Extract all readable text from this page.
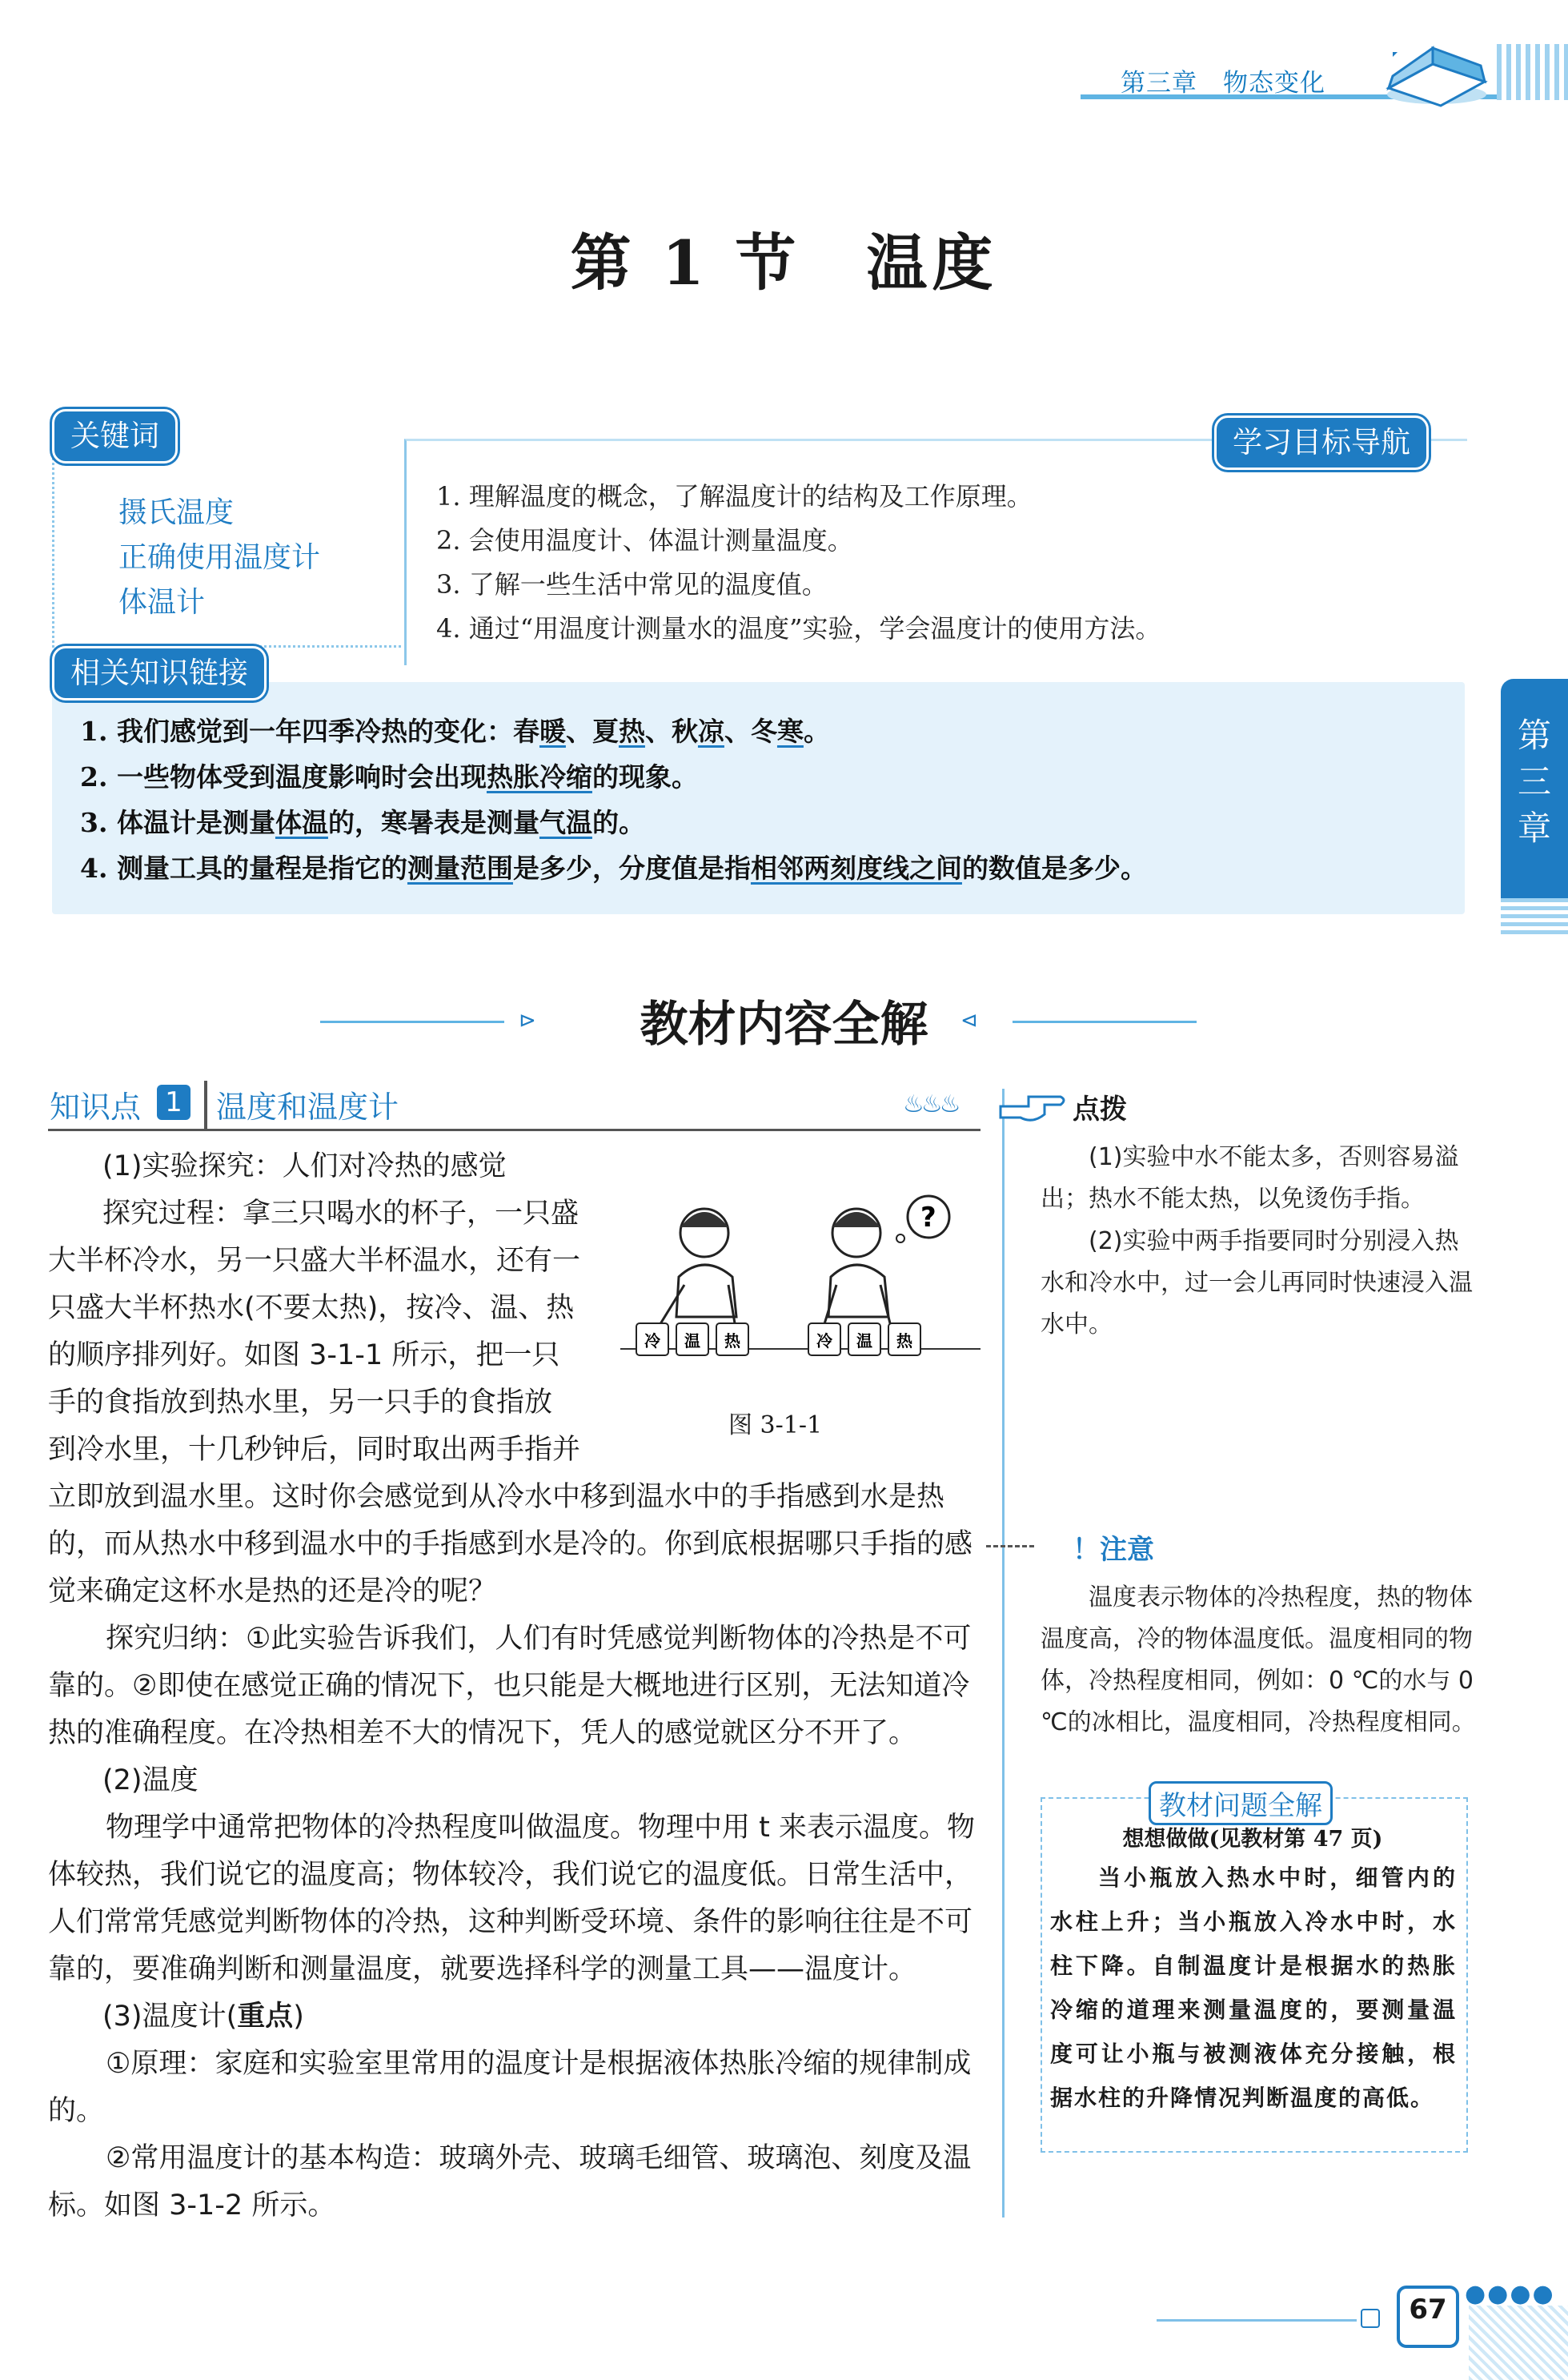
第三章　物态变化
第 1 节　温度
关键词	学习目标导航
摄氏温度
正确使用温度计
体温计
1. 理解温度的概念，了解温度计的结构及工作原理。
2. 会使用温度计、体温计测量温度。
3. 了解一些生活中常见的温度值。
4. 通过“用温度计测量水的温度”实验，学会温度计的使用方法。
相关知识链接
1. 我们感觉到一年四季冷热的变化：春暖、夏热、秋凉、冬寒。
2. 一些物体受到温度影响时会出现热胀冷缩的现象。
3. 体温计是测量体温的，寒暑表是测量气温的。
4. 测量工具的量程是指它的测量范围是多少，分度值是指相邻两刻度线之间的数值是多少。
第三章
⊳	⊲
教材内容全解
知识点 1 温度和温度计	♨♨♨
(1)实验探究：人们对冷热的感觉
探究过程：拿三只喝水的杯子，一只盛
大半杯冷水，另一只盛大半杯温水，还有一
只盛大半杯热水(不要太热)，按冷、温、热
的顺序排列好。如图 3-1-1 所示，把一只
手的食指放到热水里，另一只手的食指放
到冷水里，十几秒钟后，同时取出两手指并
立即放到温水里。这时你会感觉到从冷水中移到温水中的手指感到水是热的，而从热水中移到温水中的手指感到水是冷的。你到底根据哪只手指的感觉来确定这杯水是热的还是冷的呢？
探究归纳：①此实验告诉我们，人们有时凭感觉判断物体的冷热是不可靠的。②即使在感觉正确的情况下，也只能是大概地进行区别，无法知道冷热的准确程度。在冷热相差不大的情况下，凭人的感觉就区分不开了。
(2)温度
物理学中通常把物体的冷热程度叫做温度。物理中用 t 来表示温度。物体较热，我们说它的温度高；物体较冷，我们说它的温度低。日常生活中，人们常常凭感觉判断物体的冷热，这种判断受环境、条件的影响往往是不可靠的，要准确判断和测量温度，就要选择科学的测量工具——温度计。
(3)温度计(重点)
①原理：家庭和实验室里常用的温度计是根据液体热胀冷缩的规律制成的。
②常用温度计的基本构造：玻璃外壳、玻璃毛细管、玻璃泡、刻度及温标。如图 3-1-2 所示。
?
冷 温 热	冷 温 热
图 3-1-1
点拨
(1)实验中水不能太多，否则容易溢出；热水不能太热，以免烫伤手指。
(2)实验中两手指要同时分别浸入热水和冷水中，过一会儿再同时快速浸入温水中。
！注意
温度表示物体的冷热程度，热的物体温度高，冷的物体温度低。温度相同的物体，冷热程度相同，例如：0 ℃的水与 0 ℃的冰相比，温度相同，冷热程度相同。
教材问题全解
想想做做(见教材第 47 页)
当小瓶放入热水中时，细管内的水柱上升；当小瓶放入冷水中时，水柱下降。自制温度计是根据水的热胀冷缩的道理来测量温度的，要测量温度可让小瓶与被测液体充分接触，根据水柱的升降情况判断温度的高低。
●●●●
67
